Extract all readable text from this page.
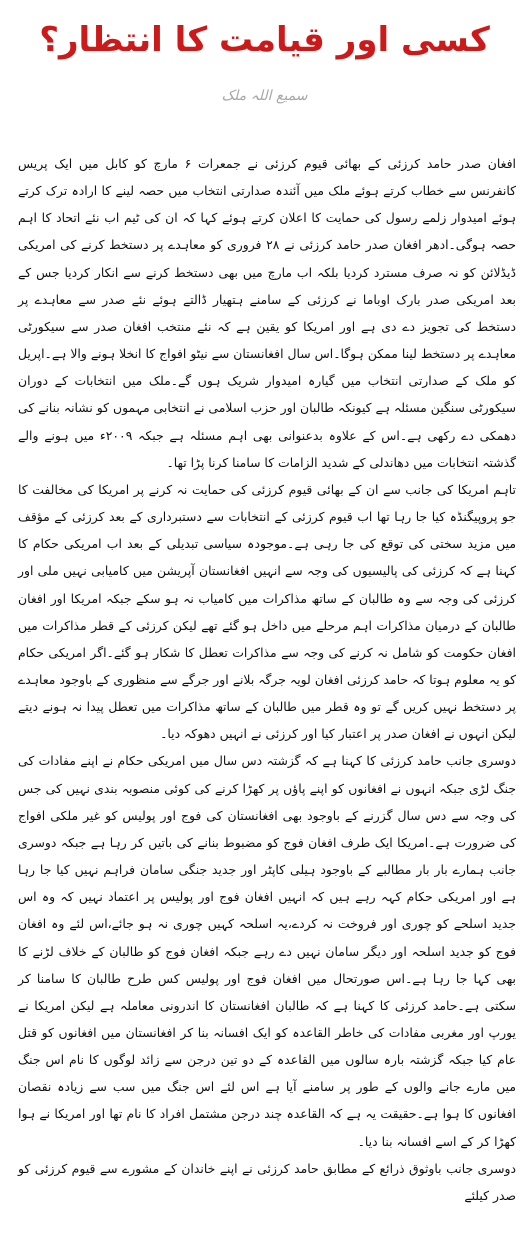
کسی اور قیامت کا انتظار؟
سمیع اللہ ملک

افغان صدر حامد کرزئی کے بھائی قیوم کرزئی نے جمعرات ۶ مارچ کو کابل میں ایک پریس کانفرنس سے خطاب کرتے ہوئے ملک میں آئندہ صدارتی انتخاب میں حصہ لینے کا ارادہ ترک کرتے ہوئے امیدوار زلمے رسول کی حمایت کا اعلان کرتے ہوئے کہا کہ ان کی ٹیم اب نئے اتحاد کا اہم حصہ ہوگی۔ادھر افغان صدر حامد کرزئی نے ۲۸ فروری کو معاہدے پر دستخط کرنے کی امریکی ڈیڈلائن کو نہ صرف مسترد کردیا بلکہ اب مارچ میں بھی دستخط کرنے سے انکار کردیا جس کے بعد امریکی صدر بارک اوباما نے کرزئی کے سامنے ہتھیار ڈالتے ہوئے نئے صدر سے معاہدے پر دستخط کی تجویز دے دی ہے اور امریکا کو یقین ہے کہ نئے منتخب افغان صدر سے سیکورٹی معاہدے پر دستخط لینا ممکن ہوگا۔اس سال افغانستان سے نیٹو افواج کا انخلا ہونے والا ہے۔اپریل کو ملک کے صدارتی انتخاب میں گیارہ امیدوار شریک ہوں گے۔ملک میں انتخابات کے دوران سیکورٹی سنگین مسئلہ ہے کیونکہ طالبان اور حزب اسلامی نے انتخابی مہموں کو نشانہ بنانے کی دھمکی دے رکھی ہے۔اس کے علاوہ بدعنوانی بھی اہم مسئلہ ہے جبکہ ۲۰۰۹ء میں ہونے والے گذشتہ انتخابات میں دھاندلی کے شدید الزامات کا سامنا کرنا پڑا تھا۔

تاہم امریکا کی جانب سے ان کے بھائی قیوم کرزئی کی حمایت نہ کرنے پر امریکا کی مخالفت کا جو پروپیگنڈہ کیا جا رہا تھا اب قیوم کرزئی کے انتخابات سے دستبرداری کے بعد کرزئی کے مؤقف میں مزید سختی کی توقع کی جا رہی ہے۔موجودہ سیاسی تبدیلی کے بعد اب امریکی حکام کا کہنا ہے کہ کرزئی کی پالیسیوں کی وجہ سے انہیں افغانستان آپریشن میں کامیابی نہیں ملی اور کرزئی کی وجہ سے وہ طالبان کے ساتھ مذاکرات میں کامیاب نہ ہو سکے جبکہ امریکا اور افغان طالبان کے درمیان مذاکرات اہم مرحلے میں داخل ہو گئے تھے لیکن کرزئی کے قطر مذاکرات میں افغان حکومت کو شامل نہ کرنے کی وجہ سے مذاکرات تعطل کا شکار ہو گئے۔اگر امریکی حکام کو یہ معلوم ہوتا کہ حامد کرزئی افغان لویہ جرگہ بلانے اور جرگے سے منظوری کے باوجود معاہدے پر دستخط نہیں کریں گے تو وہ قطر میں طالبان کے ساتھ مذاکرات میں تعطل پیدا نہ ہونے دیتے لیکن انہوں نے افغان صدر پر اعتبار کیا اور کرزئی نے انہیں دھوکہ دیا۔

دوسری جانب حامد کرزئی کا کہنا ہے کہ گزشتہ دس سال میں امریکی حکام نے اپنے مفادات کی جنگ لڑی جبکہ انہوں نے افغانوں کو اپنے پاؤں پر کھڑا کرنے کی کوئی منصوبہ بندی نہیں کی جس کی وجہ سے دس سال گزرنے کے باوجود بھی افغانستان کی فوج اور پولیس کو غیر ملکی افواج کی ضرورت ہے۔امریکا ایک طرف افغان فوج کو مضبوط بنانے کی باتیں کر رہا ہے جبکہ دوسری جانب ہمارے بار بار مطالبے کے باوجود ہیلی کاپٹر اور جدید جنگی سامان فراہم نہیں کیا جا رہا ہے اور امریکی حکام کہہ رہے ہیں کہ انہیں افغان فوج اور پولیس پر اعتماد نہیں کہ وہ اس جدید اسلحے کو چوری اور فروخت نہ کردے،یہ اسلحہ کہیں چوری نہ ہو جائے،اس لئے وہ افغان فوج کو جدید اسلحہ اور دیگر سامان نہیں دے رہے جبکہ افغان فوج کو طالبان کے خلاف لڑنے کا بھی کہا جا رہا ہے۔اس صورتحال میں افغان فوج اور پولیس کس طرح طالبان کا سامنا کر سکتی ہے۔حامد کرزئی کا کہنا ہے کہ طالبان افغانستان کا اندرونی معاملہ ہے لیکن امریکا نے یورپ اور مغربی مفادات کی خاطر القاعدہ کو ایک افسانہ بنا کر افغانستان میں افغانوں کو قتل عام کیا جبکہ گزشتہ بارہ سالوں میں القاعدہ کے دو تین درجن سے زائد لوگوں کا نام اس جنگ میں مارے جانے والوں کے طور پر سامنے آیا ہے اس لئے اس جنگ میں سب سے زیادہ نقصان افغانوں کا ہوا ہے۔حقیقت یہ ہے کہ القاعدہ چند درجن مشتمل افراد کا نام تھا اور امریکا نے ہوا کھڑا کر کے اسے افسانہ بنا دیا۔

دوسری جانب باوثوق ذرائع کے مطابق حامد کرزئی نے اپنے خاندان کے مشورے سے قیوم کرزئی کو صدر کیلئے
